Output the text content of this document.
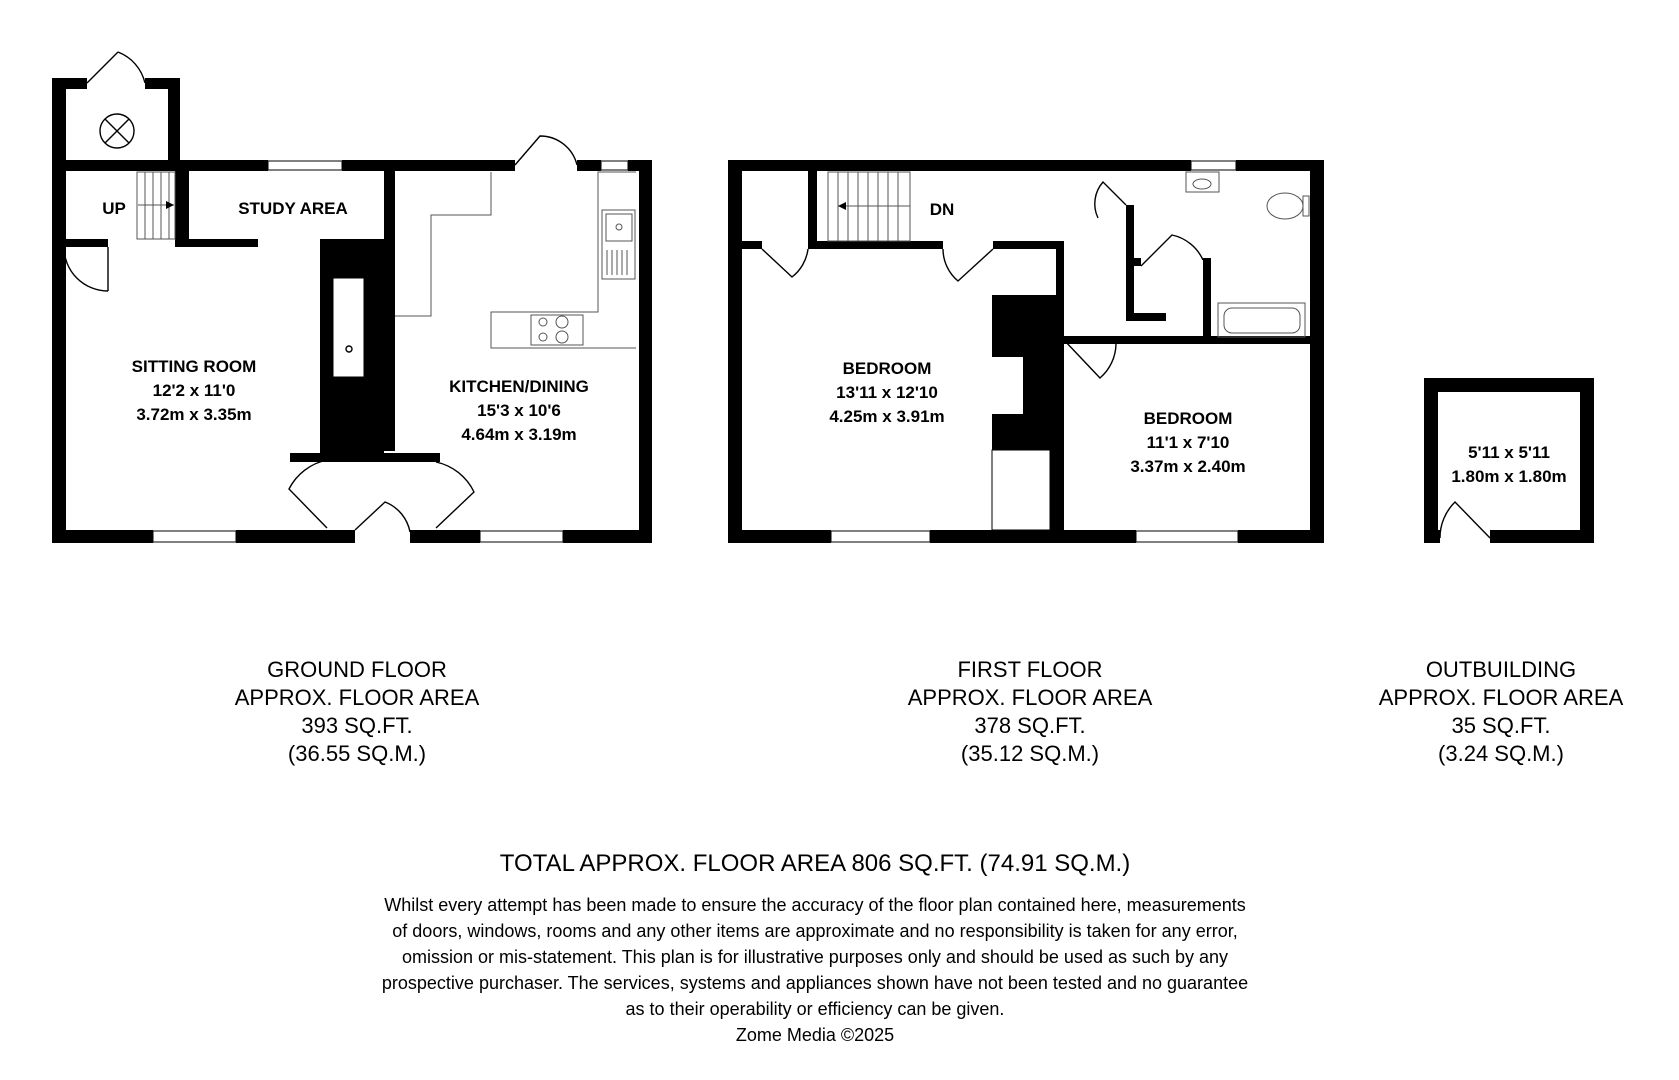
UP	STUDY AREA
SITTING ROOM
12'2 x 11'0
3.72m x 3.35m
KITCHEN/DINING
15'3 x 10'6
4.64m x 3.19m
DN
BEDROOM
13'11 x 12'10
4.25m x 3.91m	BEDROOM
11'1 x 7'10
3.37m x 2.40m
5'11 x 5'11
1.80m x 1.80m
GROUND FLOOR
APPROX. FLOOR AREA
393 SQ.FT.
(36.55 SQ.M.)
FIRST FLOOR
APPROX. FLOOR AREA
378 SQ.FT.
(35.12 SQ.M.)
OUTBUILDING
APPROX. FLOOR AREA
35 SQ.FT.
(3.24 SQ.M.)
TOTAL APPROX. FLOOR AREA 806 SQ.FT. (74.91 SQ.M.)
Whilst every attempt has been made to ensure the accuracy of the floor plan contained here, measurements
of doors, windows, rooms and any other items are approximate and no responsibility is taken for any error,
omission or mis-statement. This plan is for illustrative purposes only and should be used as such by any
prospective purchaser. The services, systems and appliances shown have not been tested and no guarantee
as to their operability or efficiency can be given.
Zome Media ©2025
